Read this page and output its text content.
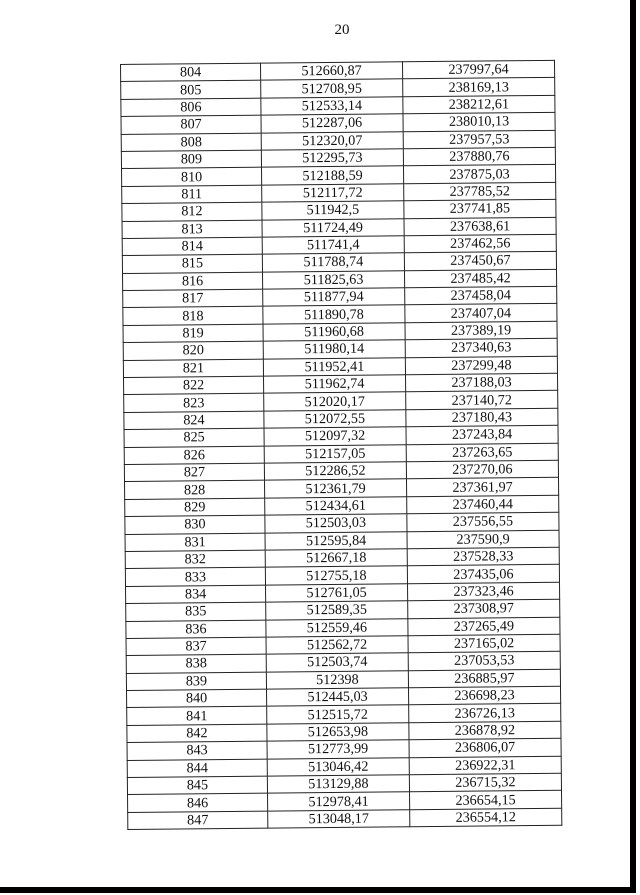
20
804	512660,87	237997,64
805	512708,95	238169,13
806	512533,14	238212,61
807	512287,06	238010,13
808	512320,07	237957,53
809	512295,73	237880,76
810	512188,59	237875,03
811	512117,72	237785,52
812	511942,5	237741,85
813	511724,49	237638,61
814	511741,4	237462,56
815	511788,74	237450,67
816	511825,63	237485,42
817	511877,94	237458,04
818	511890,78	237407,04
819	511960,68	237389,19
820	511980,14	237340,63
821	511952,41	237299,48
822	511962,74	237188,03
823	512020,17	237140,72
824	512072,55	237180,43
825	512097,32	237243,84
826	512157,05	237263,65
827	512286,52	237270,06
828	512361,79	237361,97
829	512434,61	237460,44
830	512503,03	237556,55
831	512595,84	237590,9
832	512667,18	237528,33
833	512755,18	237435,06
834	512761,05	237323,46
835	512589,35	237308,97
836	512559,46	237265,49
837	512562,72	237165,02
838	512503,74	237053,53
839	512398	236885,97
840	512445,03	236698,23
841	512515,72	236726,13
842	512653,98	236878,92
843	512773,99	236806,07
844	513046,42	236922,31
845	513129,88	236715,32
846	512978,41	236654,15
847	513048,17	236554,12
